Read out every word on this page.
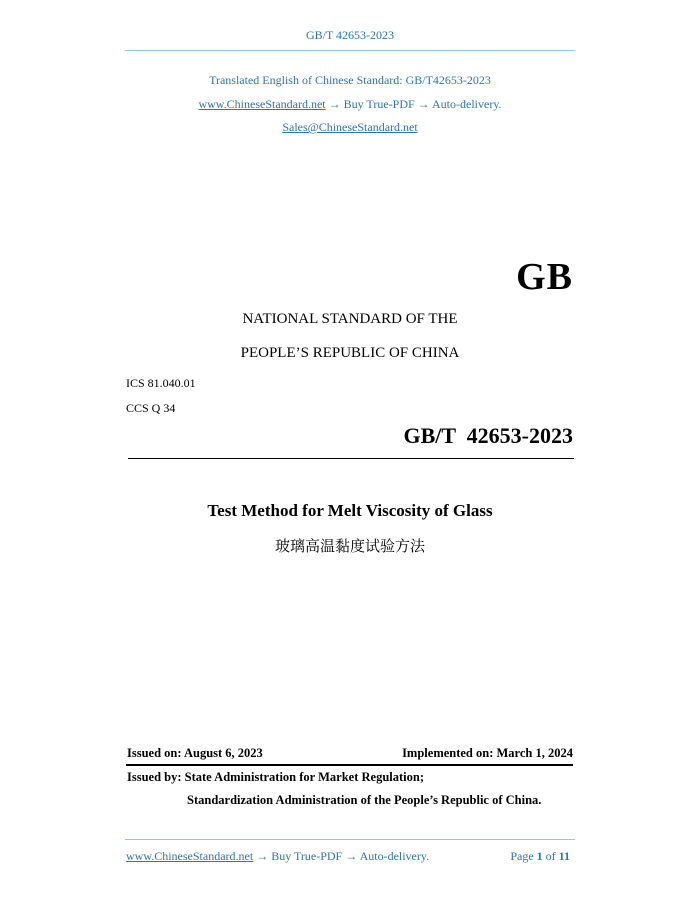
GB/T 42653-2023
Translated English of Chinese Standard: GB/T42653-2023
www.ChineseStandard.net → Buy True-PDF → Auto-delivery.
Sales@ChineseStandard.net
GB
NATIONAL STANDARD OF THE
PEOPLE’S REPUBLIC OF CHINA
ICS 81.040.01
CCS Q 34
GB/T  42653-2023
Test Method for Melt Viscosity of Glass
玻璃高温黏度试验方法
Issued on: August 6, 2023	Implemented on: March 1, 2024
Issued by: State Administration for Market Regulation;
Standardization Administration of the People’s Republic of China.
www.ChineseStandard.net → Buy True-PDF → Auto-delivery.	Page 1 of 11
